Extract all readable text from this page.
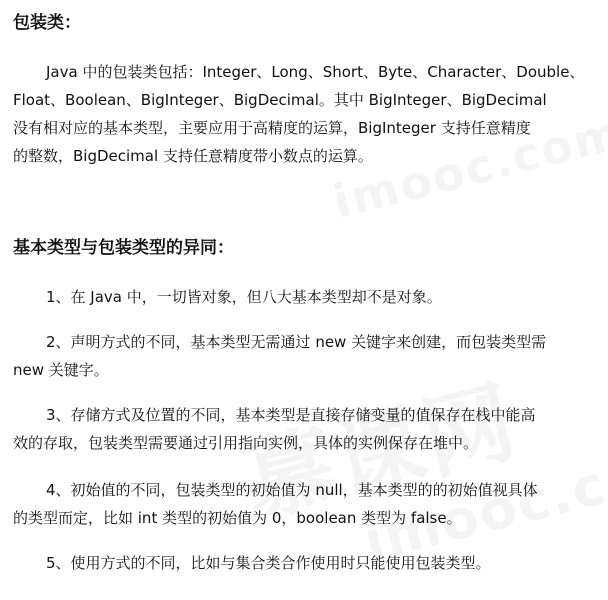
包装类：

Java 中的包装类包括：Integer、Long、Short、Byte、Character、Double、
Float、Boolean、BigInteger、BigDecimal。其中 BigInteger、BigDecimal
没有相对应的基本类型，主要应用于高精度的运算，BigInteger 支持任意精度
的整数，BigDecimal 支持任意精度带小数点的运算。

基本类型与包装类型的异同：

1、在 Java 中，一切皆对象，但八大基本类型却不是对象。

2、声明方式的不同，基本类型无需通过 new 关键字来创建，而包装类型需
new 关键字。

3、存储方式及位置的不同，基本类型是直接存储变量的值保存在栈中能高
效的存取，包装类型需要通过引用指向实例，具体的实例保存在堆中。

4、初始值的不同，包装类型的初始值为 null，基本类型的的初始值视具体
的类型而定，比如 int 类型的初始值为 0，boolean 类型为 false。

5、使用方式的不同，比如与集合类合作使用时只能使用包装类型。
